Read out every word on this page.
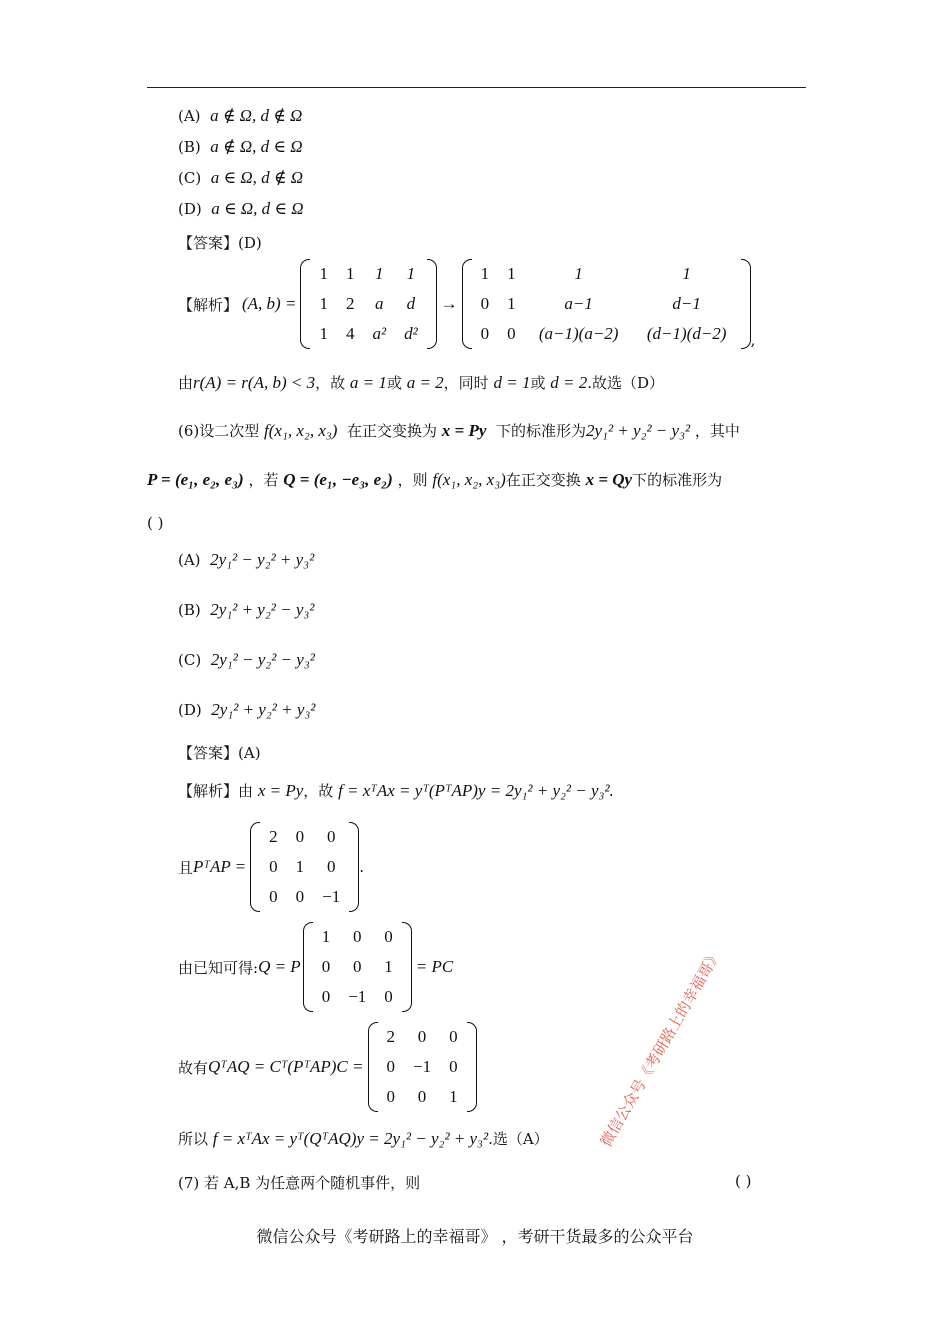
(A) a ∉ Ω, d ∉ Ω
(B) a ∉ Ω, d ∈ Ω
(C) a ∈ Ω, d ∉ Ω
(D) a ∈ Ω, d ∈ Ω
【答案】(D)
【解析】 (A, b) =
1	1	1	1
1	2	a	d
1	4	a²	d²
→
1	1	1	1
0	1	a−1	d−1
0	0	(a−1)(a−2)	(d−1)(d−2) ,
由r(A) = r(A, b) < 3，故 a = 1或 a = 2，同时 d = 1或 d = 2.故选（D）
(6)设二次型 f(x₁, x₂, x₃) 在正交变换为 x = Py 下的标准形为2y₁² + y₂² − y₃² ，其中
P = (e₁, e₂, e₃) ，若 Q = (e₁, −e₃, e₂) ，则 f(x₁, x₂, x₃)在正交变换 x = Qy下的标准形为
( )
(A) 2y₁² − y₂² + y₃²
(B) 2y₁² + y₂² − y₃²
(C) 2y₁² − y₂² − y₃²
(D) 2y₁² + y₂² + y₃²
【答案】(A)
【解析】由 x = Py，故 f = xᵀAx = yᵀ(PᵀAP)y = 2y₁² + y₂² − y₃².
且 PᵀAP =
2	0	0
0	1	0
0	0	−1
.
由已知可得: Q = P
1	0	0
0	0	1
0	−1	0
= PC
故有 QᵀAQ = Cᵀ(PᵀAP)C =
2	0	0
0	−1	0
0	0	1
所以 f = xᵀAx = yᵀ(QᵀAQ)y = 2y₁² − y₂² + y₃².选（A）
(7) 若 A,B 为任意两个随机事件，则	( )
微信公众号《考研路上的幸福哥》
微信公众号《考研路上的幸福哥》 ，考研干货最多的公众平台
